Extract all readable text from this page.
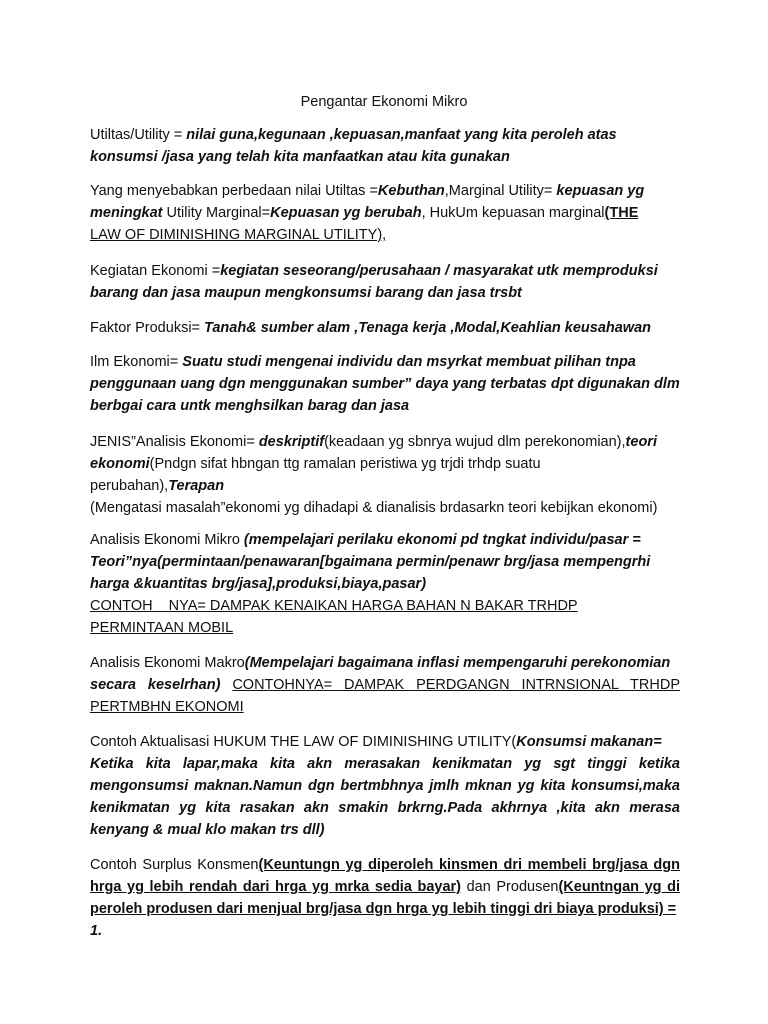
Pengantar Ekonomi Mikro
Utiltas/Utility = nilai guna,kegunaan ,kepuasan,manfaat yang kita peroleh atas
konsumsi /jasa yang telah kita manfaatkan atau kita gunakan
Yang menyebabkan perbedaan nilai Utiltas =Kebuthan,Marginal Utility= kepuasan yg
meningkat Utility Marginal=Kepuasan yg berubah, HukUm kepuasan marginal(THE
LAW OF DIMINISHING MARGINAL UTILITY),
Kegiatan Ekonomi =kegiatan seseorang/perusahaan / masyarakat utk memproduksi
barang dan jasa maupun mengkonsumsi barang dan jasa trsbt
Faktor Produksi= Tanah& sumber alam ,Tenaga kerja ,Modal,Keahlian keusahawan
Ilm Ekonomi= Suatu studi mengenai individu dan msyrkat membuat pilihan tnpa
penggunaan uang dgn menggunakan sumber” daya yang terbatas dpt digunakan dlm
berbgai cara untk menghsilkan barag dan jasa
JENIS”Analisis Ekonomi= deskriptif(keadaan yg sbnrya wujud dlm perekonomian),teori
ekonomi(Pndgn sifat hbngan ttg ramalan peristiwa yg trjdi trhdp suatu
perubahan),Terapan
(Mengatasi masalah”ekonomi yg dihadapi & dianalisis brdasarkn teori kebijkan ekonomi)
Analisis Ekonomi Mikro (mempelajari perilaku ekonomi pd tngkat individu/pasar =
Teori”nya(permintaan/penawaran[bgaimana permin/penawr brg/jasa mempengrhi
harga &kuantitas brg/jasa],produksi,biaya,pasar)
CONTOH    NYA= DAMPAK KENAIKAN HARGA BAHAN N BAKAR TRHDP
PERMINTAAN MOBIL
Analisis Ekonomi Makro(Mempelajari bagaimana inflasi mempengaruhi perekonomian
secara keselrhan) CONTOHNYA= DAMPAK PERDGANGN INTRNSIONAL TRHDP
PERTMBHN EKONOMI
Contoh Aktualisasi HUKUM THE LAW OF DIMINISHING UTILITY(Konsumsi makanan=
Ketika kita lapar,maka kita akn merasakan kenikmatan yg sgt tinggi ketika
mengonsumsi maknan.Namun dgn bertmbhnya jmlh mknan yg kita konsumsi,maka
kenikmatan yg kita rasakan akn smakin brkrng.Pada akhrnya ,kita akn merasa
kenyang & mual klo makan trs dll)
Contoh Surplus Konsmen(Keuntungn yg diperoleh kinsmen dri membeli brg/jasa dgn
hrga yg lebih rendah dari hrga yg mrka sedia bayar) dan Produsen(Keuntngan yg di
peroleh produsen dari menjual brg/jasa dgn hrga yg lebih tinggi dri biaya produksi) = 1.
